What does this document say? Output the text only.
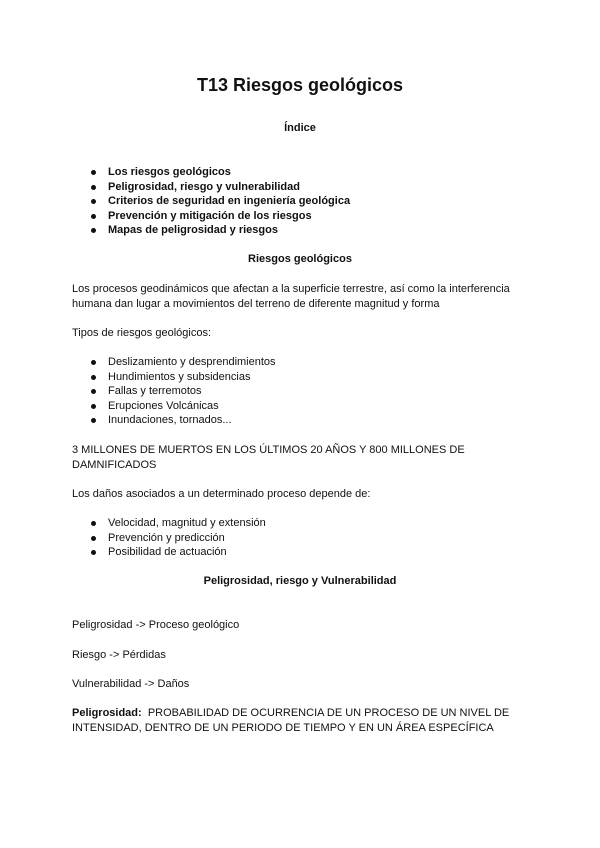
T13 Riesgos geológicos
Índice
Los riesgos geológicos
Peligrosidad, riesgo y vulnerabilidad
Criterios de seguridad en ingeniería geológica
Prevención y mitigación de los riesgos
Mapas de peligrosidad y riesgos
Riesgos geológicos
Los procesos geodinámicos que afectan a la superficie terrestre, así como la interferencia
humana dan lugar a movimientos del terreno de diferente magnitud y forma
Tipos de riesgos geológicos:
Deslizamiento y desprendimientos
Hundimientos y subsidencias
Fallas y terremotos
Erupciones Volcánicas
Inundaciones, tornados...
3 MILLONES DE MUERTOS EN LOS ÚLTIMOS 20 AÑOS Y 800 MILLONES DE
DAMNIFICADOS
Los daños asociados a un determinado proceso depende de:
Velocidad, magnitud y extensión
Prevención y predicción
Posibilidad de actuación
Peligrosidad, riesgo y Vulnerabilidad
Peligrosidad -> Proceso geológico
Riesgo -> Pérdidas
Vulnerabilidad -> Daños
Peligrosidad: PROBABILIDAD DE OCURRENCIA DE UN PROCESO DE UN NIVEL DE
INTENSIDAD, DENTRO DE UN PERIODO DE TIEMPO Y EN UN ÁREA ESPECÍFICA
